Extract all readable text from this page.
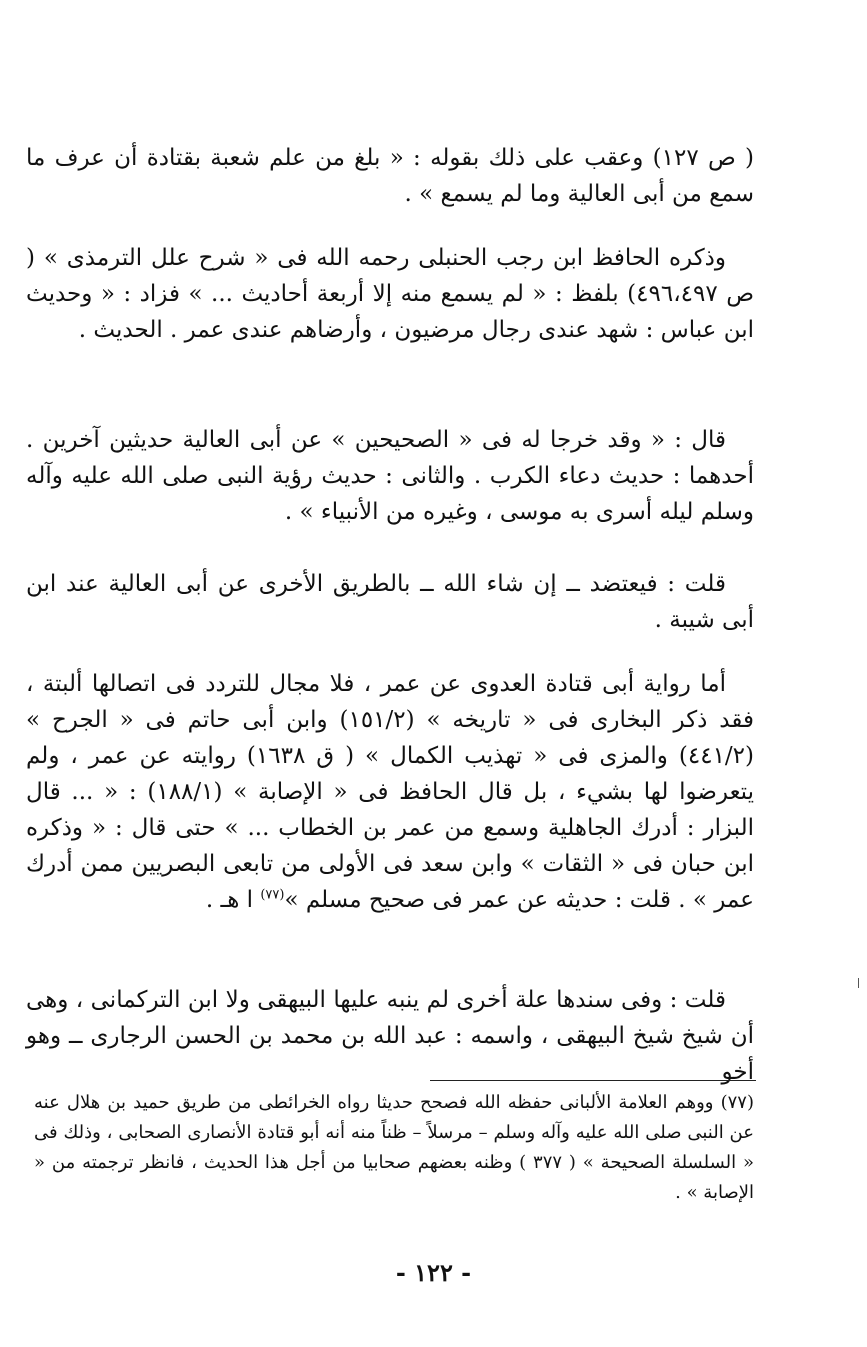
( ص ١٢٧) وعقب على ذلك بقوله : « بلغ من علم شعبة بقتادة أن عرف ما سمع من أبى العالية وما لم يسمع » .

وذكره الحافظ ابن رجب الحنبلى رحمه الله فى « شرح علل الترمذى » ( ص ٤٩٦،٤٩٧) بلفظ : « لم يسمع منه إلا أربعة أحاديث ... » فزاد : « وحديث ابن عباس : شهد عندى رجال مرضيون ، وأرضاهم عندى عمر . الحديث .

قال : « وقد خرجا له فى « الصحيحين » عن أبى العالية حديثين آخرين . أحدهما : حديث دعاء الكرب . والثانى : حديث رؤية النبى صلى الله عليه وآله وسلم ليله أسرى به موسى ، وغيره من الأنبياء » .

قلت : فيعتضد ــ إن شاء الله ــ بالطريق الأخرى عن أبى العالية عند ابن أبى شيبة .

أما رواية أبى قتادة العدوى عن عمر ، فلا مجال للتردد فى اتصالها ألبتة ، فقد ذكر البخارى فى « تاريخه » (١٥١/٢) وابن أبى حاتم فى « الجرح » (٤٤١/٢) والمزى فى « تهذيب الكمال » ( ق ١٦٣٨) روايته عن عمر ، ولم يتعرضوا لها بشيء ، بل قال الحافظ فى « الإصابة » (١٨٨/١) : « ... قال البزار : أدرك الجاهلية وسمع من عمر بن الخطاب ... » حتى قال : « وذكره ابن حبان فى « الثقات » وابن سعد فى الأولى من تابعى البصريين ممن أدرك عمر » . قلت : حديثه عن عمر فى صحيح مسلم »$^{(٧٧)}$ ا هـ .

قلت : وفى سندها علة أخرى لم ينبه عليها البيهقى ولا ابن التركمانى ، وهى أن شيخ شيخ البيهقى ، واسمه : عبد الله بن محمد بن الحسن الرجارى ــ وهو أخو

(٧٧) ووهم العلامة الألبانى حفظه الله فصحح حديثا رواه الخرائطى من طريق حميد بن هلال عنه عن النبى صلى الله عليه وآله وسلم – مرسلاً – ظناً منه أنه أبو قتادة الأنصارى الصحابى ، وذلك فى « السلسلة الصحيحة » ( ٣٧٧ ) وظنه بعضهم صحابيا من أجل هذا الحديث ، فانظر ترجمته من « الإصابة » .

- ١٢٢ -
